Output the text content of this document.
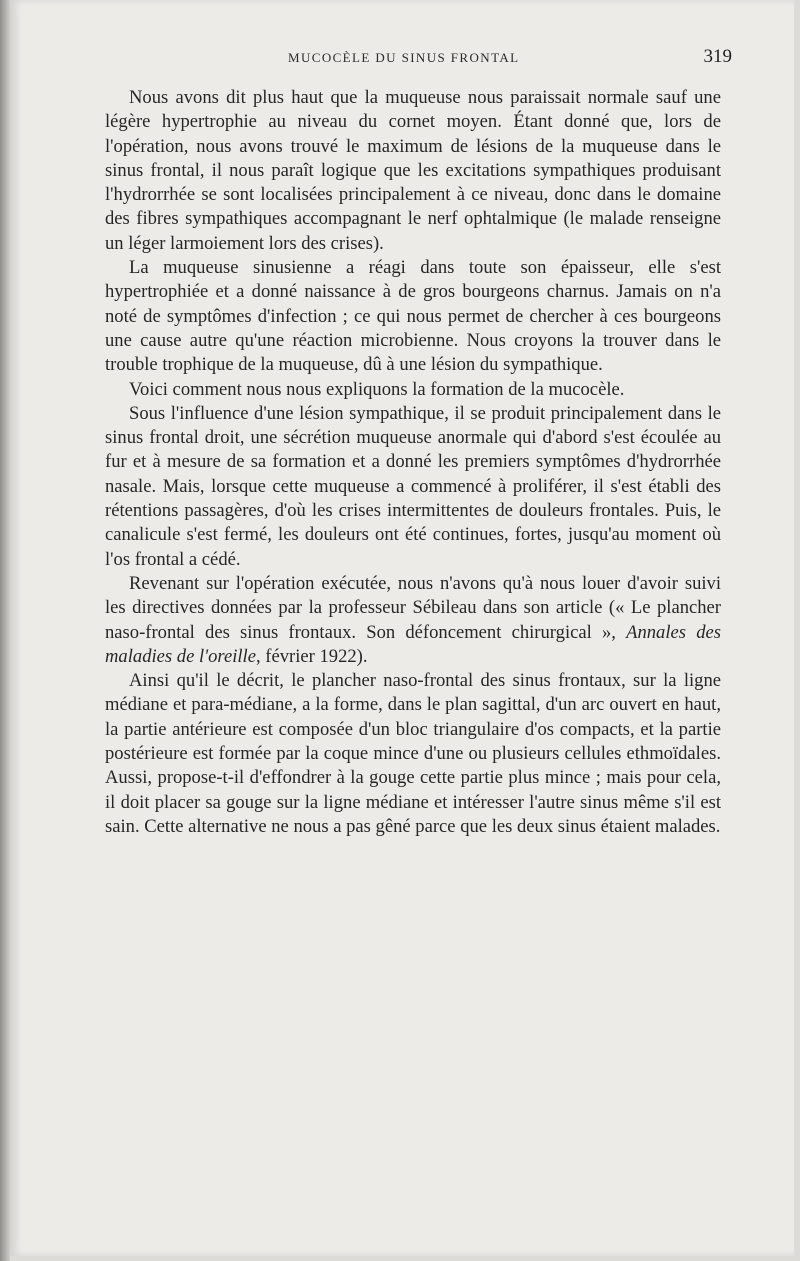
MUCOCÈLE DU SINUS FRONTAL	319

Nous avons dit plus haut que la muqueuse nous paraissait normale sauf une légère hypertrophie au niveau du cornet moyen. Étant donné que, lors de l'opération, nous avons trouvé le maximum de lésions de la muqueuse dans le sinus frontal, il nous paraît logique que les excitations sympathiques produisant l'hydrorrhée se sont localisées principalement à ce niveau, donc dans le domaine des fibres sympathiques accompagnant le nerf ophtalmique (le malade renseigne un léger larmoiement lors des crises).

La muqueuse sinusienne a réagi dans toute son épaisseur, elle s'est hypertrophiée et a donné naissance à de gros bourgeons charnus. Jamais on n'a noté de symptômes d'infection ; ce qui nous permet de chercher à ces bourgeons une cause autre qu'une réaction microbienne. Nous croyons la trouver dans le trouble trophique de la muqueuse, dû à une lésion du sympathique.

Voici comment nous nous expliquons la formation de la mucocèle.

Sous l'influence d'une lésion sympathique, il se produit principalement dans le sinus frontal droit, une sécrétion muqueuse anormale qui d'abord s'est écoulée au fur et à mesure de sa formation et a donné les premiers symptômes d'hydrorrhée nasale. Mais, lorsque cette muqueuse a commencé à proliférer, il s'est établi des rétentions passagères, d'où les crises intermittentes de douleurs frontales. Puis, le canalicule s'est fermé, les douleurs ont été continues, fortes, jusqu'au moment où l'os frontal a cédé.

Revenant sur l'opération exécutée, nous n'avons qu'à nous louer d'avoir suivi les directives données par la professeur Sébileau dans son article (« Le plancher naso-frontal des sinus frontaux. Son défoncement chirurgical », Annales des maladies de l'oreille, février 1922).

Ainsi qu'il le décrit, le plancher naso-frontal des sinus frontaux, sur la ligne médiane et para-médiane, a la forme, dans le plan sagittal, d'un arc ouvert en haut, la partie antérieure est composée d'un bloc triangulaire d'os compacts, et la partie postérieure est formée par la coque mince d'une ou plusieurs cellules ethmoïdales. Aussi, propose-t-il d'effondrer à la gouge cette partie plus mince ; mais pour cela, il doit placer sa gouge sur la ligne médiane et intéresser l'autre sinus même s'il est sain. Cette alternative ne nous a pas gêné parce que les deux sinus étaient malades.
